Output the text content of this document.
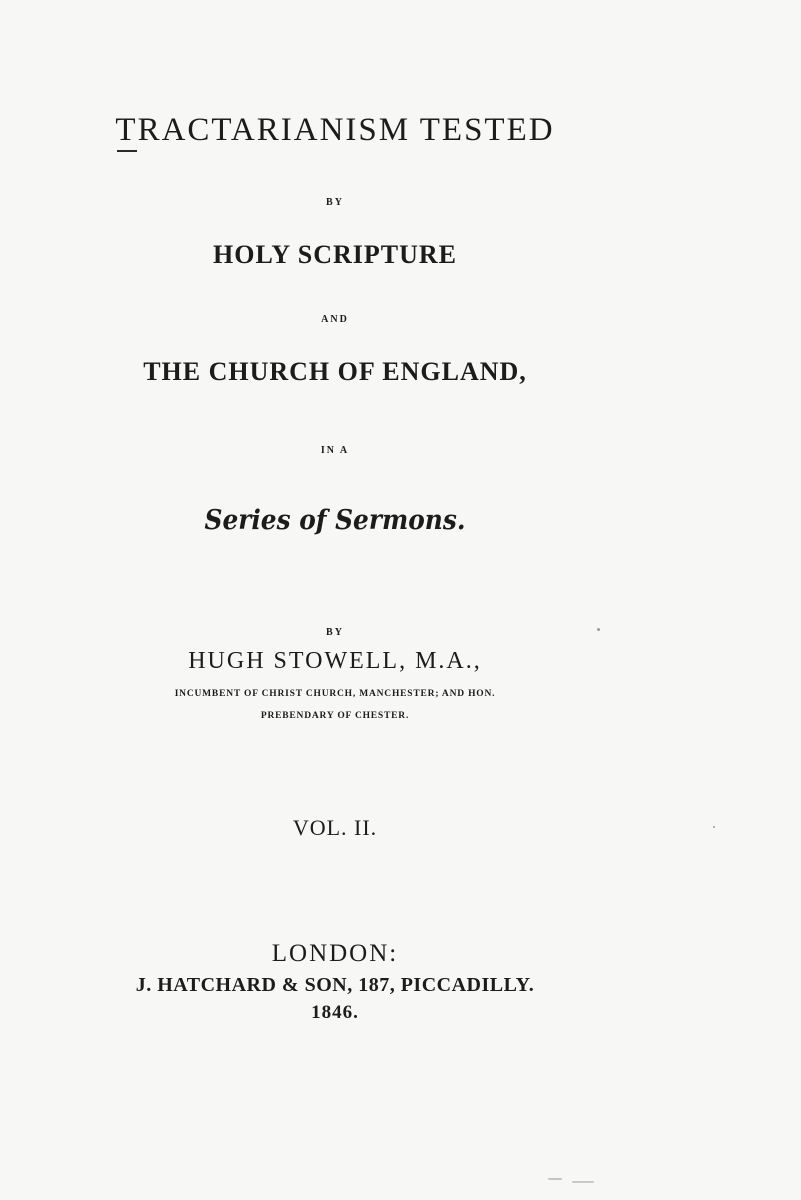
TRACTARIANISM TESTED
BY
HOLY SCRIPTURE
AND
THE CHURCH OF ENGLAND,
IN A
Series of Sermons.
BY
HUGH STOWELL, M.A.,
INCUMBENT OF CHRIST CHURCH, MANCHESTER; AND HON.
PREBENDARY OF CHESTER.
VOL. II.
LONDON:
J. HATCHARD & SON, 187, PICCADILLY.
1846.
